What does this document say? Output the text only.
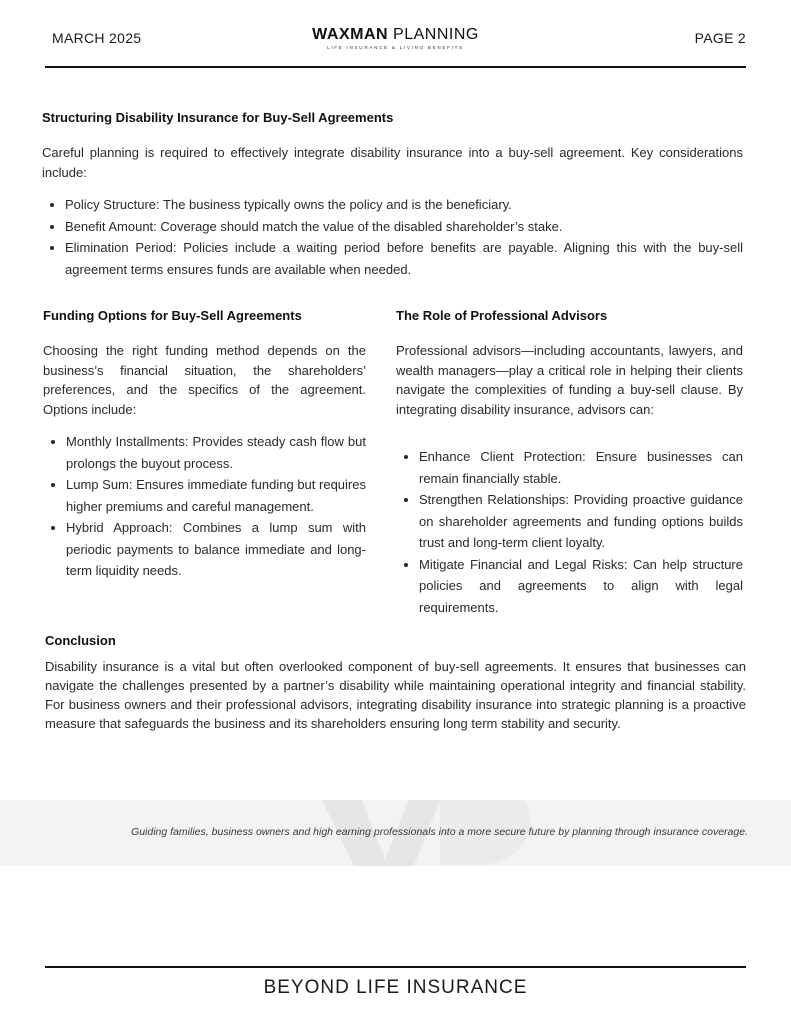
MARCH 2025	WAXMAN PLANNING
LIFE INSURANCE & LIVING BENEFITS
PAGE 2
Structuring Disability Insurance for Buy-Sell Agreements

Careful planning is required to effectively integrate disability insurance into a buy-sell agreement. Key considerations include:

• Policy Structure: The business typically owns the policy and is the beneficiary.
• Benefit Amount: Coverage should match the value of the disabled shareholder’s stake.
• Elimination Period: Policies include a waiting period before benefits are payable. Aligning this with the buy-sell agreement terms ensures funds are available when needed.
Funding Options for Buy-Sell Agreements

Choosing the right funding method depends on the business’s financial situation, the shareholders’ preferences, and the specifics of the agreement. Options include:

• Monthly Installments: Provides steady cash flow but prolongs the buyout process.
• Lump Sum: Ensures immediate funding but requires higher premiums and careful management.
• Hybrid Approach: Combines a lump sum with periodic payments to balance immediate and long-term liquidity needs.
The Role of Professional Advisors

Professional advisors—including accountants, lawyers, and wealth managers—play a critical role in helping their clients navigate the complexities of funding a buy-sell clause. By integrating disability insurance, advisors can:

• Enhance Client Protection: Ensure businesses can remain financially stable.
• Strengthen Relationships: Providing proactive guidance on shareholder agreements and funding options builds trust and long-term client loyalty.
• Mitigate Financial and Legal Risks: Can help structure policies and agreements to align with legal requirements.
Conclusion

Disability insurance is a vital but often overlooked component of buy-sell agreements. It ensures that businesses can navigate the challenges presented by a partner’s disability while maintaining operational integrity and financial stability. For business owners and their professional advisors, integrating disability insurance into strategic planning is a proactive measure that safeguards the business and its shareholders ensuring long term stability and security.

Guiding families, business owners and high earning professionals into a more secure future by planning through insurance coverage.
BEYOND LIFE INSURANCE
